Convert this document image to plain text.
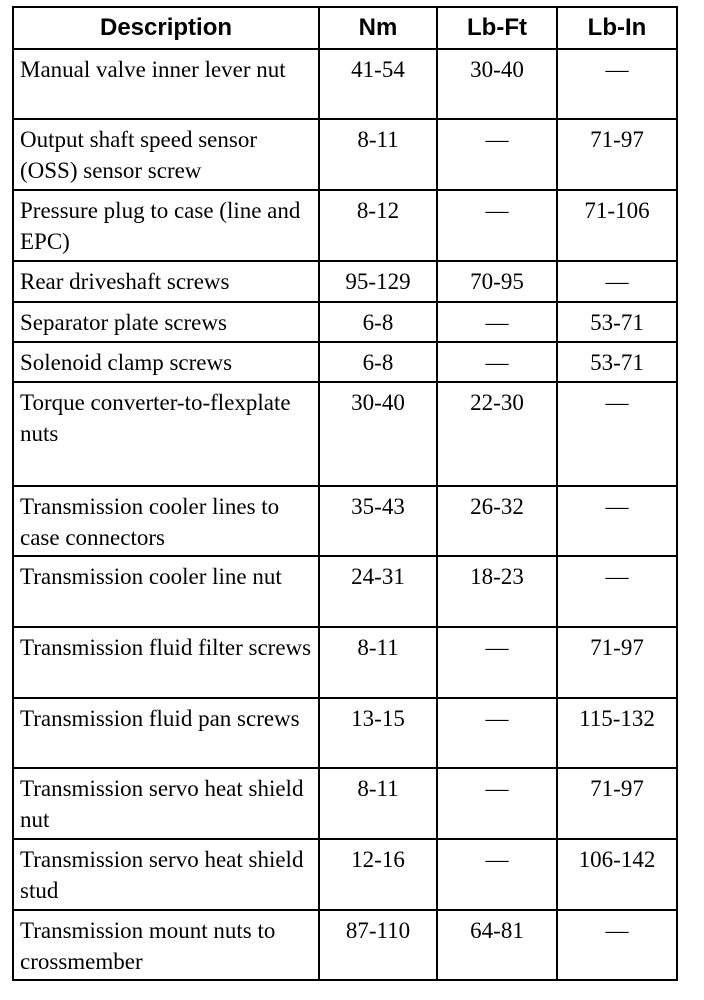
Description	Nm	Lb-Ft	Lb-In
Manual valve inner lever nut	41-54	30-40	—
Output shaft speed sensor (OSS) sensor screw	8-11	—	71-97
Pressure plug to case (line and EPC)	8-12	—	71-106
Rear driveshaft screws	95-129	70-95	—
Separator plate screws	6-8	—	53-71
Solenoid clamp screws	6-8	—	53-71
Torque converter-to-flexplate nuts	30-40	22-30	—
Transmission cooler lines to case connectors	35-43	26-32	—
Transmission cooler line nut	24-31	18-23	—
Transmission fluid filter screws	8-11	—	71-97
Transmission fluid pan screws	13-15	—	115-132
Transmission servo heat shield nut	8-11	—	71-97
Transmission servo heat shield stud	12-16	—	106-142
Transmission mount nuts to crossmember	87-110	64-81	—
